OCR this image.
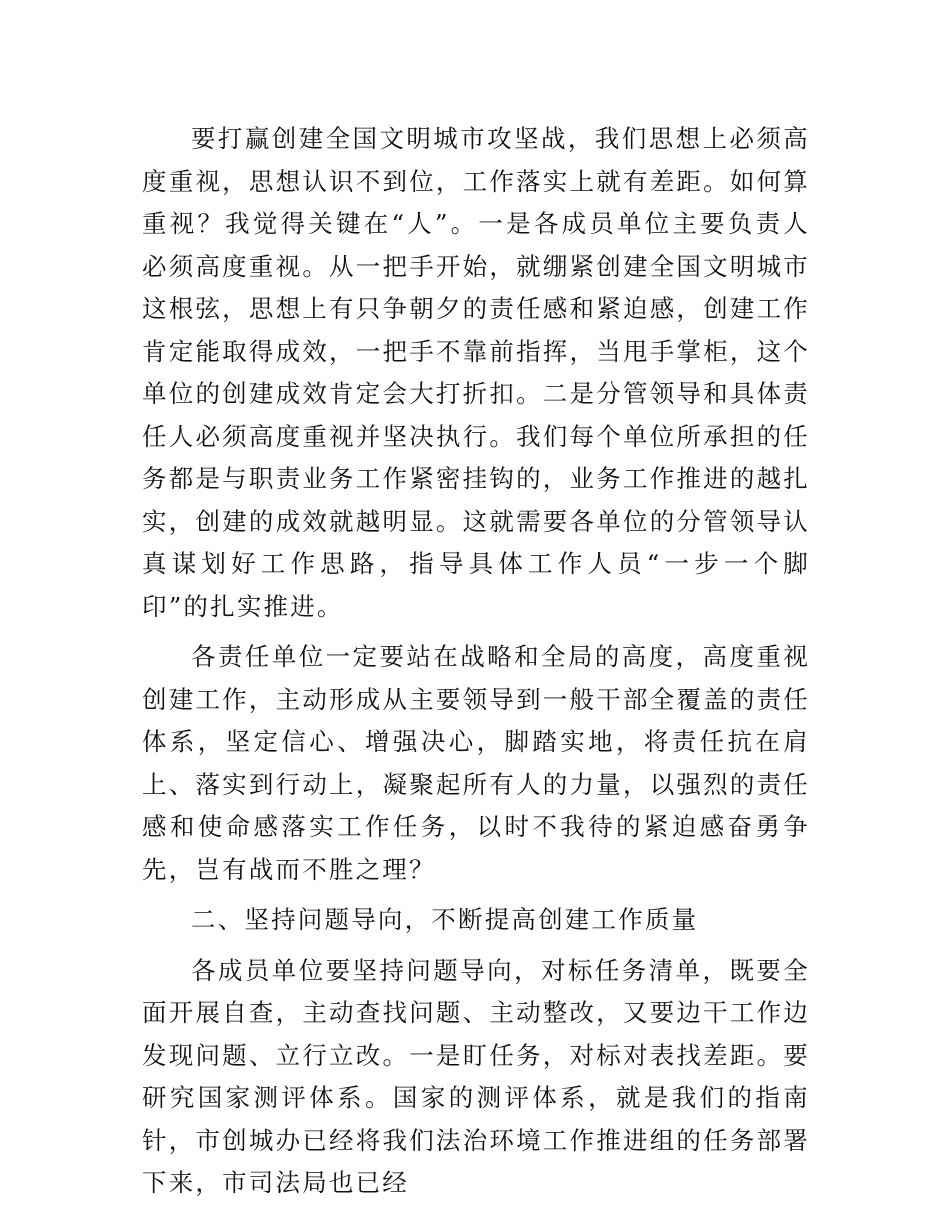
要打赢创建全国文明城市攻坚战，我们思想上必须高度重视，思想认识不到位，工作落实上就有差距。如何算重视？我觉得关键在“人”。一是各成员单位主要负责人必须高度重视。从一把手开始，就绷紧创建全国文明城市这根弦，思想上有只争朝夕的责任感和紧迫感，创建工作肯定能取得成效，一把手不靠前指挥，当甩手掌柜，这个单位的创建成效肯定会大打折扣。二是分管领导和具体责任人必须高度重视并坚决执行。我们每个单位所承担的任务都是与职责业务工作紧密挂钩的，业务工作推进的越扎实，创建的成效就越明显。这就需要各单位的分管领导认真谋划好工作思路，指导具体工作人员“一步一个脚印”的扎实推进。

各责任单位一定要站在战略和全局的高度，高度重视创建工作，主动形成从主要领导到一般干部全覆盖的责任体系，坚定信心、增强决心，脚踏实地，将责任抗在肩上、落实到行动上，凝聚起所有人的力量，以强烈的责任感和使命感落实工作任务，以时不我待的紧迫感奋勇争先，岂有战而不胜之理？

二、坚持问题导向，不断提高创建工作质量

各成员单位要坚持问题导向，对标任务清单，既要全面开展自查，主动查找问题、主动整改，又要边干工作边发现问题、立行立改。一是盯任务，对标对表找差距。要研究国家测评体系。国家的测评体系，就是我们的指南针，市创城办已经将我们法治环境工作推进组的任务部署下来，市司法局也已经
